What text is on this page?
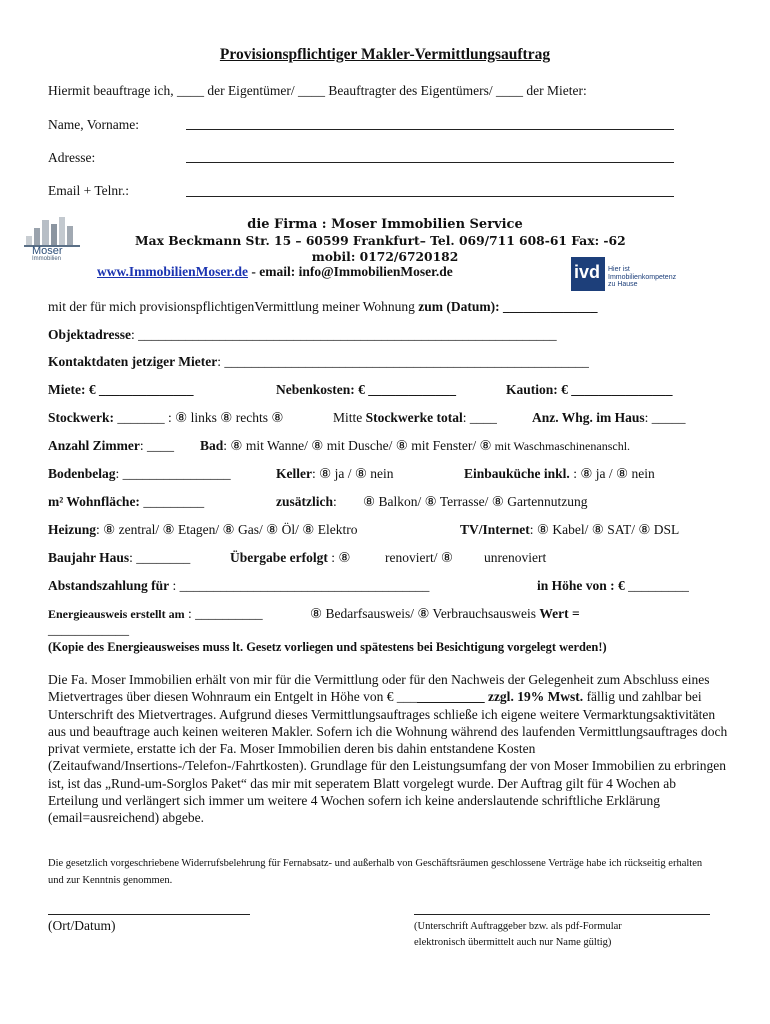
Provisionspflichtiger Makler-Vermittlungsauftrag
Hiermit beauftrage ich, ____ der Eigentümer/ ____ Beauftragter des Eigentümers/ ____ der Mieter:
Name, Vorname:
Adresse:
Email + Telnr.:
Moser
Immobilien
die Firma : Moser Immobilien Service
Max Beckmann Str. 15 – 60599 Frankfurt– Tel. 069/711 608-61 Fax: -62
mobil: 0172/6720182
www.ImmobilienMoser.de - email: info@ImmobilienMoser.de	ivd Hier ist
Immobilienkompetenz
zu Hause
mit der für mich provisionspflichtigenVermittlung meiner Wohnung zum (Datum): ______________
Objektadresse: ______________________________________________________________
Kontaktdaten jetziger Mieter: ______________________________________________________
Miete: € ______________	Nebenkosten: € _____________	Kaution: € _______________
Stockwerk: _______ : ⑧ links ⑧ rechts ⑧	Mitte Stockwerke total: ____	Anz. Whg. im Haus: _____
Anzahl Zimmer: ____ Bad: ⑧ mit Wanne/ ⑧ mit Dusche/ ⑧ mit Fenster/ ⑧ mit Waschmaschinenanschl.
Bodenbelag: ________________	Keller: ⑧ ja / ⑧ nein	Einbauküche inkl. : ⑧ ja / ⑧ nein
m² Wohnfläche: _________	zusätzlich: ⑧ Balkon/ ⑧ Terrasse/ ⑧ Gartennutzung
Heizung: ⑧ zentral/ ⑧ Etagen/ ⑧ Gas/ ⑧ Öl/ ⑧ Elektro	TV/Internet: ⑧ Kabel/ ⑧ SAT/ ⑧ DSL
Baujahr Haus: ________	Übergabe erfolgt : ⑧	renoviert/ ⑧ unrenoviert
Abstandszahlung für : _____________________________________	in Höhe von : € _________
Energieausweis erstellt am : __________	⑧ Bedarfsausweis/ ⑧ Verbrauchsausweis Wert =
____________
(Kopie des Energieausweises muss lt. Gesetz vorliegen und spätestens bei Besichtigung vorgelegt werden!)
Die Fa. Moser Immobilien erhält von mir für die Vermittlung oder für den Nachweis der Gelegenheit zum Abschluss eines Mietvertrages über diesen Wohnraum ein Entgelt in Höhe von € _____________ zzgl. 19% Mwst. fällig und zahlbar bei Unterschrift des Mietvertrages. Aufgrund dieses Vermittlungsauftrages schließe ich eigene weitere Vermarktungsaktivitäten aus und beauftrage auch keinen weiteren Makler. Sofern ich die Wohnung während des laufenden Vermittlungsauftrages doch privat vermiete, erstatte ich der Fa. Moser Immobilien deren bis dahin entstandene Kosten (Zeitaufwand/Insertions-/Telefon-/Fahrtkosten). Grundlage für den Leistungsumfang der von Moser Immobilien zu erbringen ist, ist das „Rund-um-Sorglos Paket“ das mir mit seperatem Blatt vorgelegt wurde. Der Auftrag gilt für 4 Wochen ab Erteilung und verlängert sich immer um weitere 4 Wochen sofern ich keine anderslautende schriftliche Erklärung (email=ausreichend) abgebe.
Die gesetzlich vorgeschriebene Widerrufsbelehrung für Fernabsatz- und außerhalb von Geschäftsräumen geschlossene Verträge habe ich rückseitig erhalten und zur Kenntnis genommen.
(Ort/Datum)	(Unterschrift Auftraggeber bzw. als pdf-Formular
elektronisch übermittelt auch nur Name gültig)
